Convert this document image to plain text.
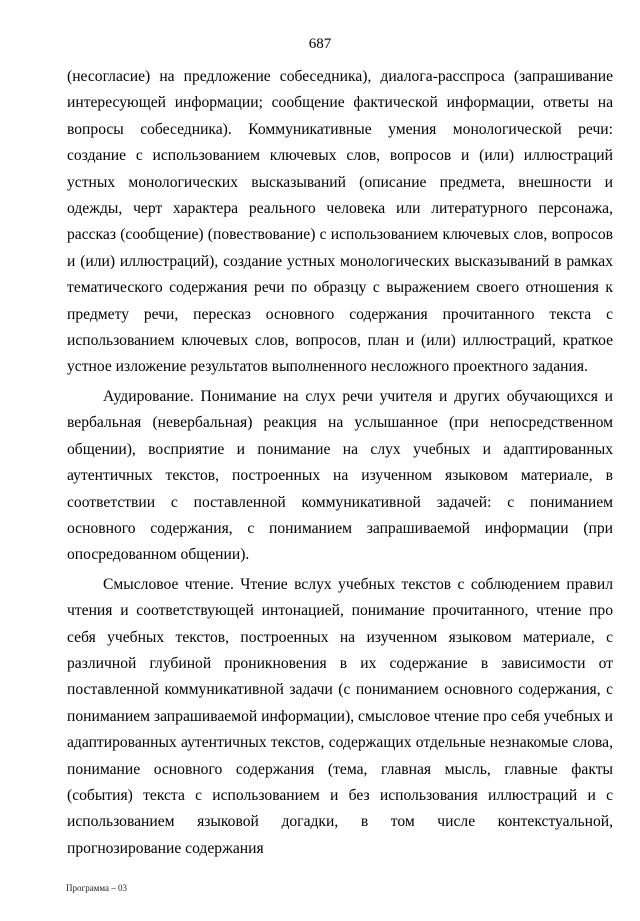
687

(несогласие) на предложение собеседника), диалога-расспроса (запрашивание интересующей информации; сообщение фактической информации, ответы на вопросы собеседника). Коммуникативные умения монологической речи: создание с использованием ключевых слов, вопросов и (или) иллюстраций устных монологических высказываний (описание предмета, внешности и одежды, черт характера реального человека или литературного персонажа, рассказ (сообщение) (повествование) с использованием ключевых слов, вопросов и (или) иллюстраций), создание устных монологических высказываний в рамках тематического содержания речи по образцу с выражением своего отношения к предмету речи, пересказ основного содержания прочитанного текста с использованием ключевых слов, вопросов, план и (или) иллюстраций, краткое устное изложение результатов выполненного несложного проектного задания.

Аудирование. Понимание на слух речи учителя и других обучающихся и вербальная (невербальная) реакция на услышанное (при непосредственном общении), восприятие и понимание на слух учебных и адаптированных аутентичных текстов, построенных на изученном языковом материале, в соответствии с поставленной коммуникативной задачей: с пониманием основного содержания, с пониманием запрашиваемой информации (при опосредованном общении).

Смысловое чтение. Чтение вслух учебных текстов с соблюдением правил чтения и соответствующей интонацией, понимание прочитанного, чтение про себя учебных текстов, построенных на изученном языковом материале, с различной глубиной проникновения в их содержание в зависимости от поставленной коммуникативной задачи (с пониманием основного содержания, с пониманием запрашиваемой информации), смысловое чтение про себя учебных и адаптированных аутентичных текстов, содержащих отдельные незнакомые слова, понимание основного содержания (тема, главная мысль, главные факты (события) текста с использованием и без использования иллюстраций и с использованием языковой догадки, в том числе контекстуальной, прогнозирование содержания

Программа – 03
